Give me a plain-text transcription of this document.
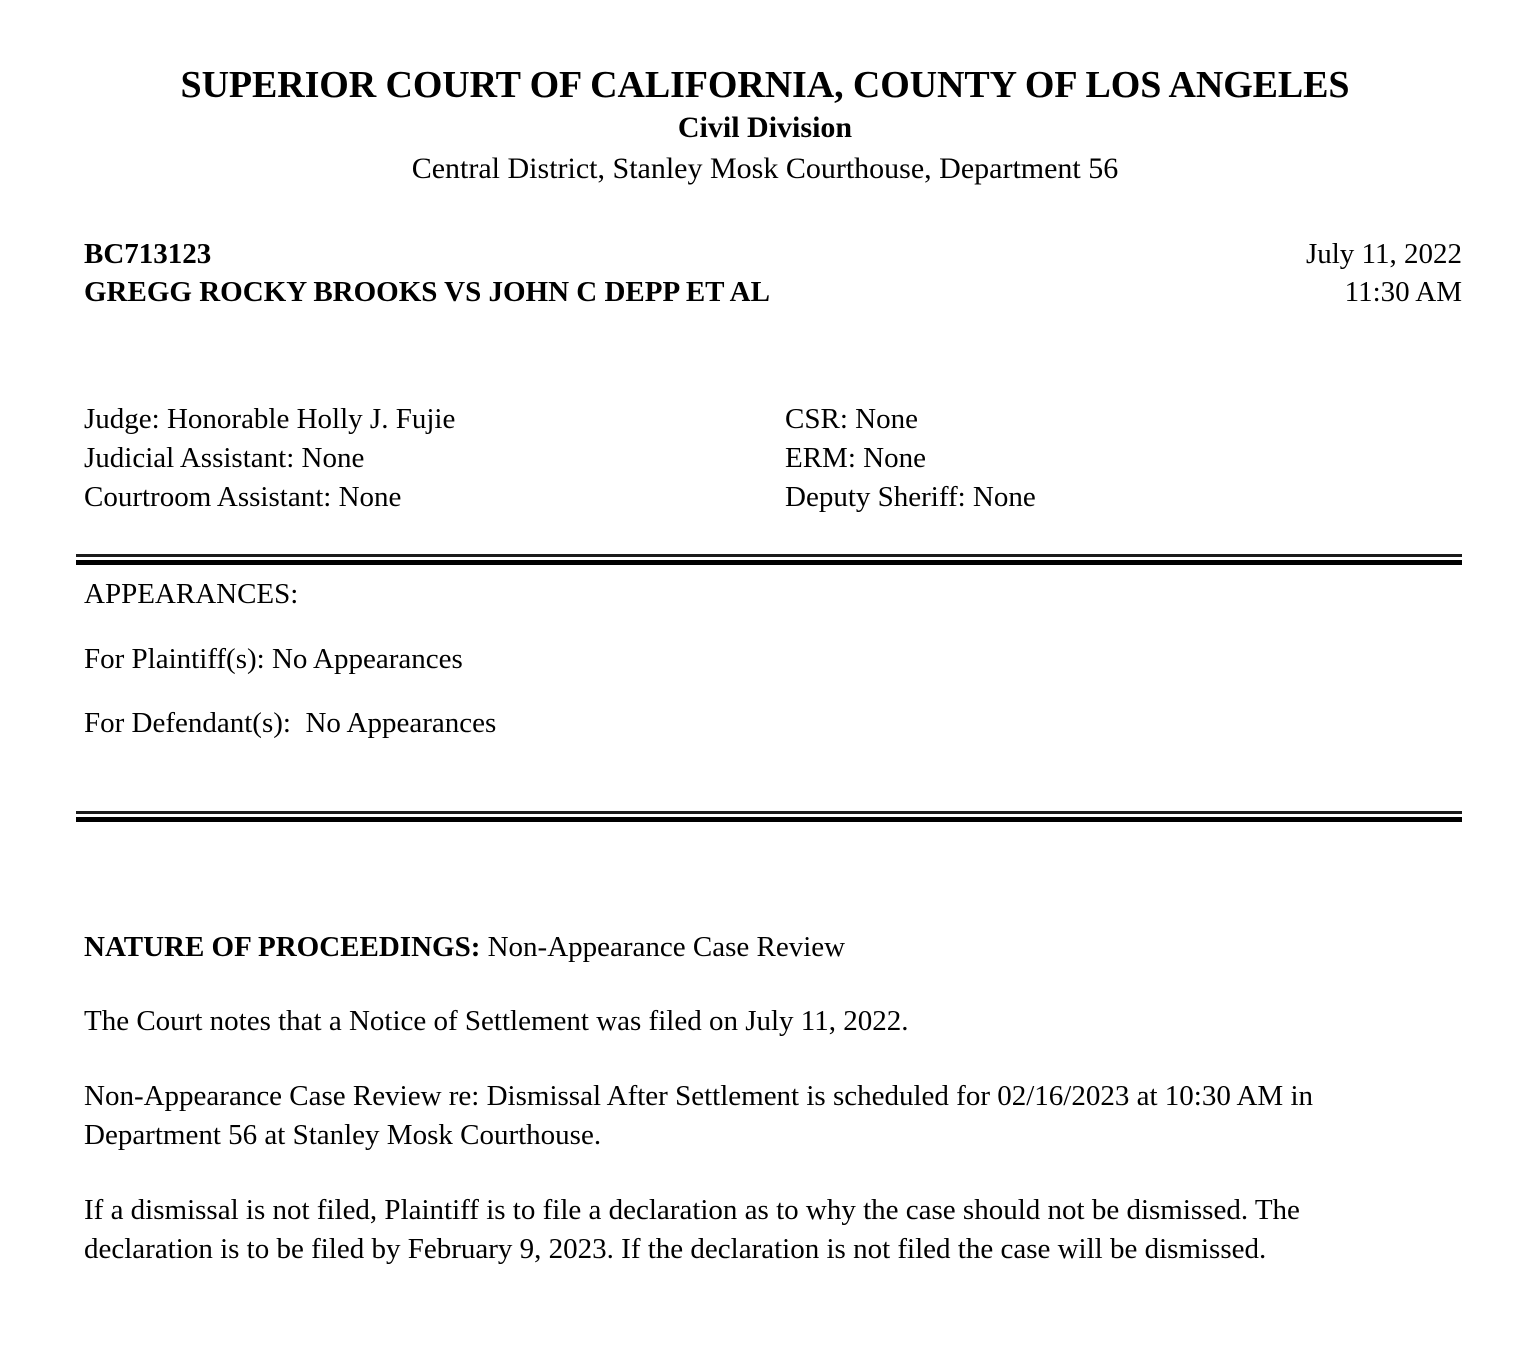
SUPERIOR COURT OF CALIFORNIA, COUNTY OF LOS ANGELES
Civil Division
Central District, Stanley Mosk Courthouse, Department 56
BC713123	July 11, 2022
GREGG ROCKY BROOKS VS JOHN C DEPP ET AL	11:30 AM
Judge: Honorable Holly J. Fujie	CSR: None
Judicial Assistant: None	ERM: None
Courtroom Assistant: None	Deputy Sheriff: None
APPEARANCES:
For Plaintiff(s): No Appearances
For Defendant(s):  No Appearances
NATURE OF PROCEEDINGS: Non-Appearance Case Review
The Court notes that a Notice of Settlement was filed on July 11, 2022.
Non-Appearance Case Review re: Dismissal After Settlement is scheduled for 02/16/2023 at 10:30 AM in Department 56 at Stanley Mosk Courthouse.
If a dismissal is not filed, Plaintiff is to file a declaration as to why the case should not be dismissed. The declaration is to be filed by February 9, 2023. If the declaration is not filed the case will be dismissed.
